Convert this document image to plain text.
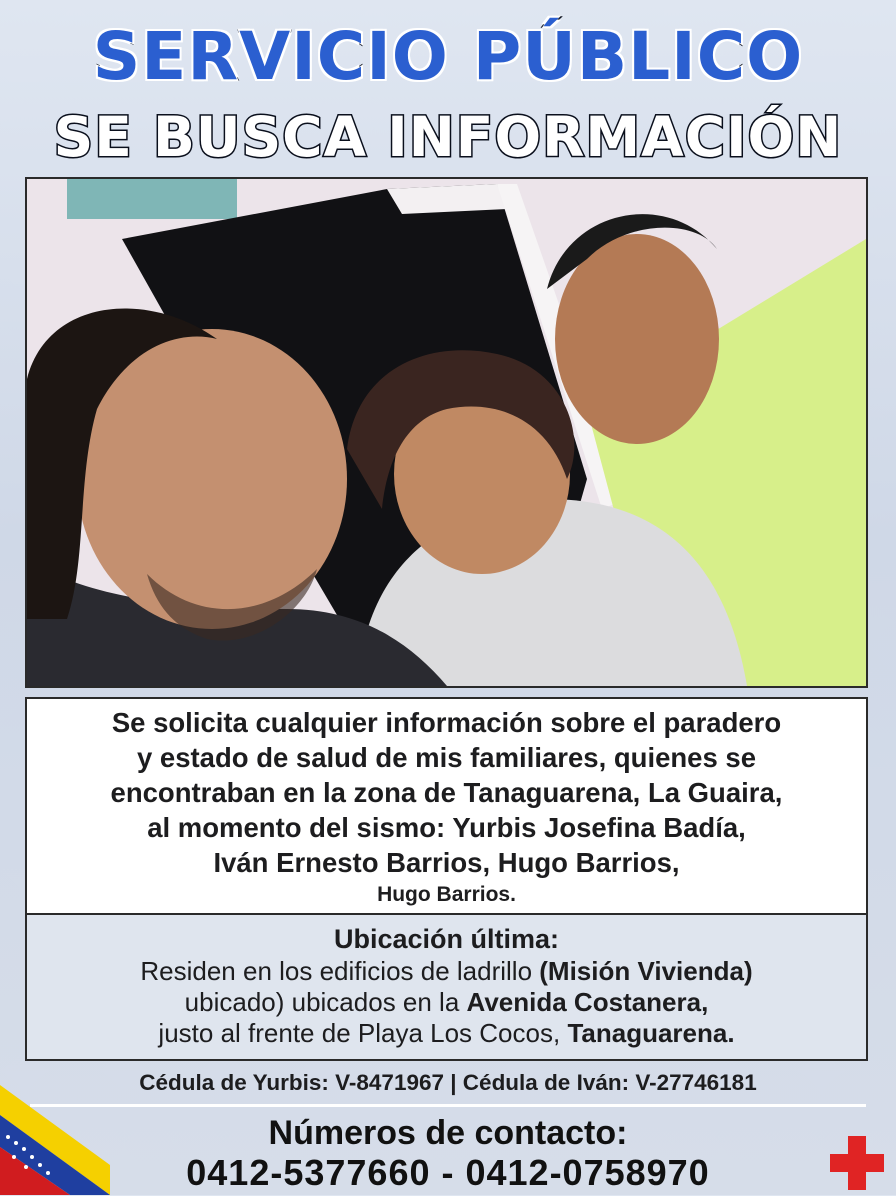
SERVICIO PÚBLICO
SE BUSCA INFORMACIÓN
Se solicita cualquier información sobre el paradero
y estado de salud de mis familiares, quienes se
encontraban en la zona de Tanaguarena, La Guaira,
al momento del sismo: Yurbis Josefina Badía,
Iván Ernesto Barrios, Hugo Barrios,
Hugo Barrios.
Ubicación última:
Residen en los edificios de ladrillo (Misión Vivienda)
ubicado) ubicados en la Avenida Costanera,
justo al frente de Playa Los Cocos, Tanaguarena.
Cédula de Yurbis: V-8471967 | Cédula de Iván: V-27746181
Números de contacto:
0412-5377660 - 0412-0758970
